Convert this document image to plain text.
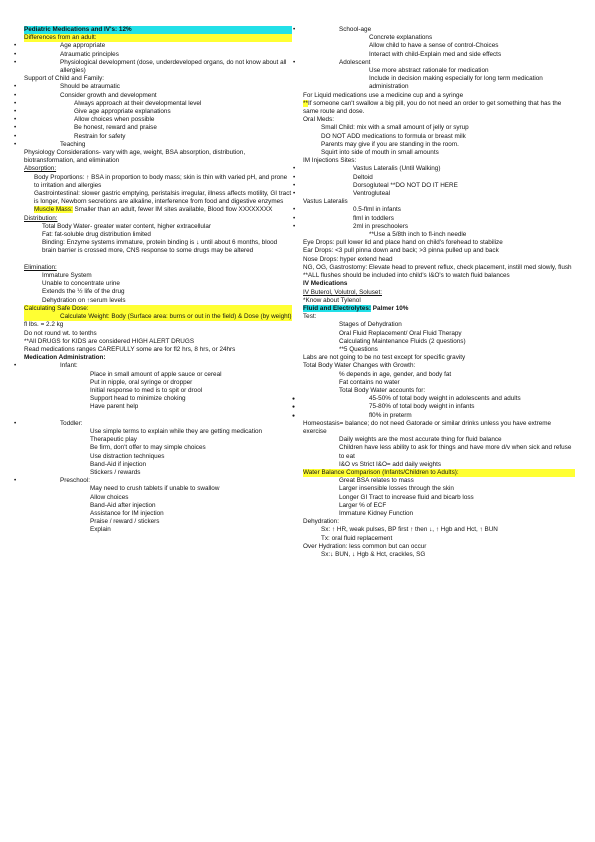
Pediatric Medications and IV's: 12%
Differences from an adult:
• Age appropriate
• Atraumatic principles
• Physiological development (dose, underdeveloped organs, do not know about all allergies)
Support of Child and Family:
• Should be atraumatic
• Consider growth and development
• Always approach at their developmental level
• Give age appropriate explanations
• Allow choices when possible
• Be honest, reward and praise
• Restrain for safety
• Teaching
Physiology Considerations- vary with age, weight, BSA absorption, distribution, biotransformation, and elimination
Absorption:
Body Proportions: ↑ BSA in proportion to body mass; skin is thin with varied pH, and prone to irritation and allergies
Gastrointestinal: slower gastric emptying, peristalsis irregular, illness affects motility, GI tract is longer, Newborn secretions are alkaline, interference from food and digestive enzymes
Muscle Mass: Smaller than an adult, fewer IM sites available, Blood flow XXXXXXXX
Distribution:
Total Body Water- greater water content, higher extracellular
Fat: fat-soluble drug distribution limited
Binding: Enzyme systems immature, protein binding is ↓ until about 6 months, blood brain barrier is crossed more, CNS response to some drugs may be altered
Elimination:
Immature System
Unable to concentrate urine
Extends the ½ life of the drug
Dehydration on ↑serum levels
Calculating Safe Dose:
Calculate Weight: Body (Surface area: burns or out in the field) & Dose (by weight)
fl lbs. = 2.2 kg
Do not round wt. to tenths
**All DRUGS for KIDS are considered HIGH ALERT DRUGS
Read medications ranges CAREFULLY some are for fl2 hrs, 8 hrs, or 24hrs
Medication Administration:
• Infant:
Place in small amount of apple sauce or cereal
Put in nipple, oral syringe or dropper
Initial response to med is to spit or drool
Support head to minimize choking
Have parent help
• Toddler:
Use simple terms to explain while they are getting medication
Therapeutic play
Be firm, don't offer to may simple choices
Use distraction techniques
Band-Aid if injection
Stickers / rewards
• Preschool:
May need to crush tablets if unable to swallow
Allow choices
Band-Aid after injection
Assistance for IM injection
Praise / reward / stickers
Explain
• School-age
Concrete explanations
Allow child to have a sense of control-Choices
Interact with child-Explain med and side effects
• Adolescent
Use more abstract rationale for medication
Include in decision making especially for long term medication administration
For Liquid medications use a medicine cup and a syringe
**If someone can't swallow a big pill, you do not need an order to get something that has the same route and dose.
Oral Meds:
Small Child: mix with a small amount of jelly or syrup
DO NOT ADD medications to formula or breast milk
Parents may give if you are standing in the room.
Squirt into side of mouth in small amounts
IM Injections Sites:
• Vastus Lateralis (Until Walking)
• Deltoid
• Dorsogluteal **DO NOT DO IT HERE
• Ventrogluteal
Vastus Lateralis
• 0.5-flml in infants
• flml in toddlers
• 2ml in preschoolers
**Use a 5/8th inch to fl-inch needle
Eye Drops: pull lower lid and place hand on child's forehead to stabilize
Ear Drops: <3 pull pinna down and back; >3 pinna pulled up and back
Nose Drops: hyper extend head
NG, OG, Gastrostomy: Elevate head to prevent reflux, check placement, instill med slowly, flush
**ALL flushes should be included into child's I&O's to watch fluid balances
IV Medications
IV Buterol, Volutrol, Soluset:
*Know about Tylenol
Fluid and Electrolytes: Palmer 10%
Test:
Stages of Dehydration
Oral Fluid Replacement/ Oral Fluid Therapy
Calculating Maintenance Fluids (2 questions)
**5 Questions
Labs are not going to be no test except for specific gravity
Total Body Water Changes with Growth:
% depends in age, gender, and body fat
Fat contains no water
Total Body Water accounts for:
● 45-50% of total body weight in adolescents and adults
● 75-80% of total body weight in infants
● fl0% in preterm
Homeostasis= balance; do not need Gatorade or similar drinks unless you have extreme exercise
Daily weights are the most accurate thing for fluid balance
Children have less ability to ask for things and have more d/v when sick and refuse to eat
I&O vs Strict I&O= add daily weights
Water Balance Comparison (Infants/Children to Adults):
Great BSA relates to mass
Larger insensible losses through the skin
Longer GI Tract to increase fluid and bicarb loss
Larger % of ECF
Immature Kidney Function
Dehydration:
Sx: ↑ HR, weak pulses, BP first ↑ then ↓, ↑ Hgb and Hct, ↑ BUN
Tx: oral fluid replacement
Over Hydration: less common but can occur
Sx:↓ BUN, ↓ Hgb & Hct, crackles, SG
